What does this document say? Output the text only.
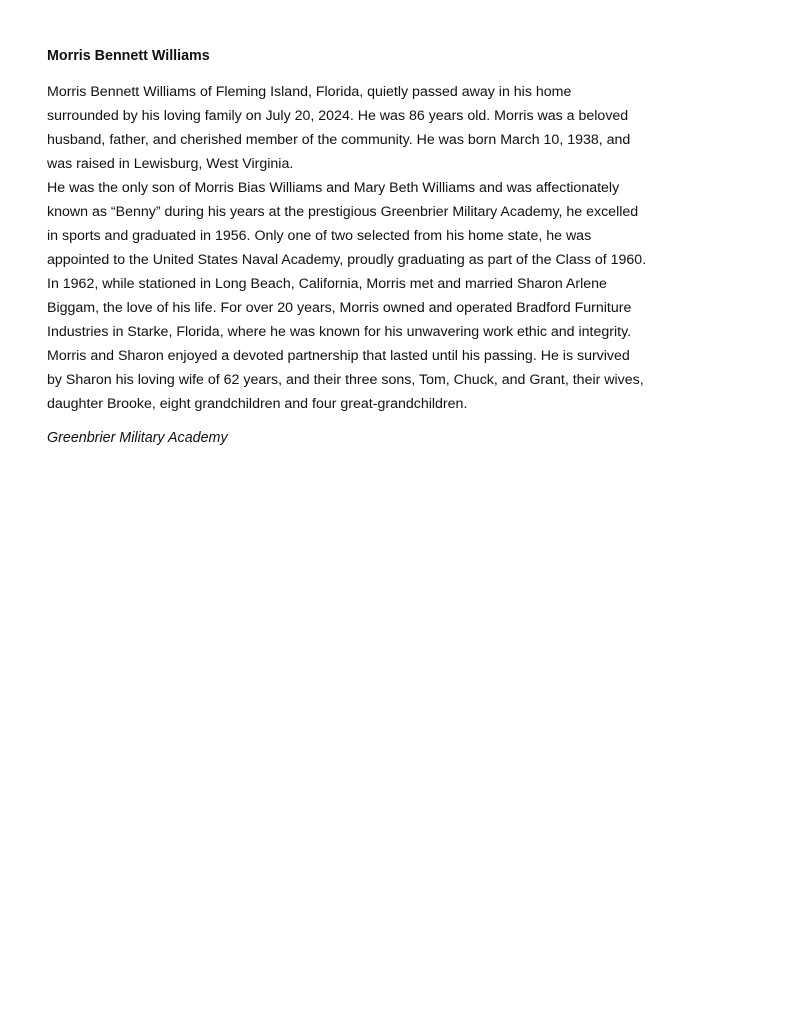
Morris Bennett Williams
Morris Bennett Williams of Fleming Island, Florida, quietly passed away in his home
surrounded by his loving family on July 20, 2024. He was 86 years old. Morris was a beloved
husband, father, and cherished member of the community. He was born March 10, 1938, and
was raised in Lewisburg, West Virginia.
He was the only son of Morris Bias Williams and Mary Beth Williams and was affectionately
known as “Benny” during his years at the prestigious Greenbrier Military Academy, he excelled
in sports and graduated in 1956. Only one of two selected from his home state, he was
appointed to the United States Naval Academy, proudly graduating as part of the Class of 1960.
In 1962, while stationed in Long Beach, California, Morris met and married Sharon Arlene
Biggam, the love of his life. For over 20 years, Morris owned and operated Bradford Furniture
Industries in Starke, Florida, where he was known for his unwavering work ethic and integrity.
Morris and Sharon enjoyed a devoted partnership that lasted until his passing. He is survived
by Sharon his loving wife of 62 years, and their three sons, Tom, Chuck, and Grant, their wives,
daughter Brooke, eight grandchildren and four great-grandchildren.
Greenbrier Military Academy
